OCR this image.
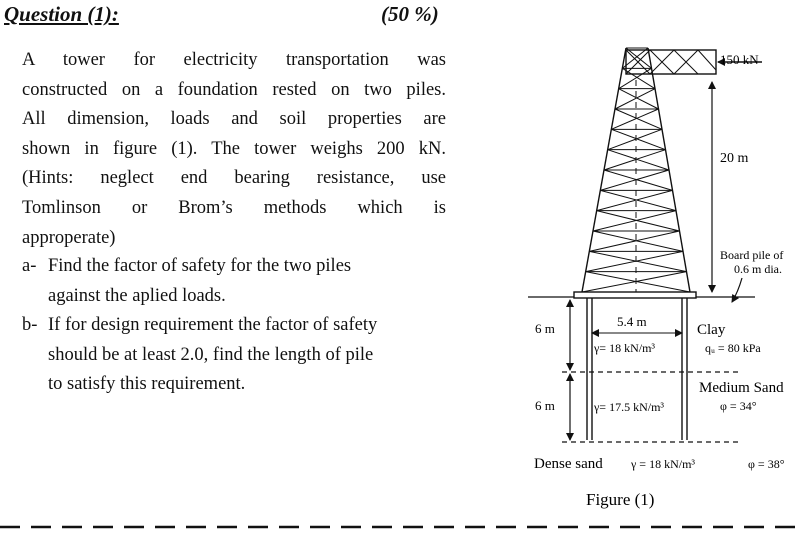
Question (1):	(50 %)
A tower for electricity transportation was
constructed on a foundation rested on two piles.
All dimension, loads and soil properties are
shown in figure (1). The tower weighs 200 kN.
(Hints: neglect end bearing resistance, use
Tomlinson or Brom’s methods which is
approperate)
a- Find the factor of safety for the two piles
against the aplied loads.
b- If for design requirement the factor of safety
should be at least 2.0, find the length of pile
to satisfy this requirement.
150 kN
20 m
Board pile of
0.6 m dia.
5.4 m
6 m
6 m
γ= 18 kN/m³
Clay
qᵤ = 80 kPa
γ= 17.5 kN/m³
Medium Sand
φ = 34°
Dense sand γ = 18 kN/m³	φ = 38°
Figure (1)
